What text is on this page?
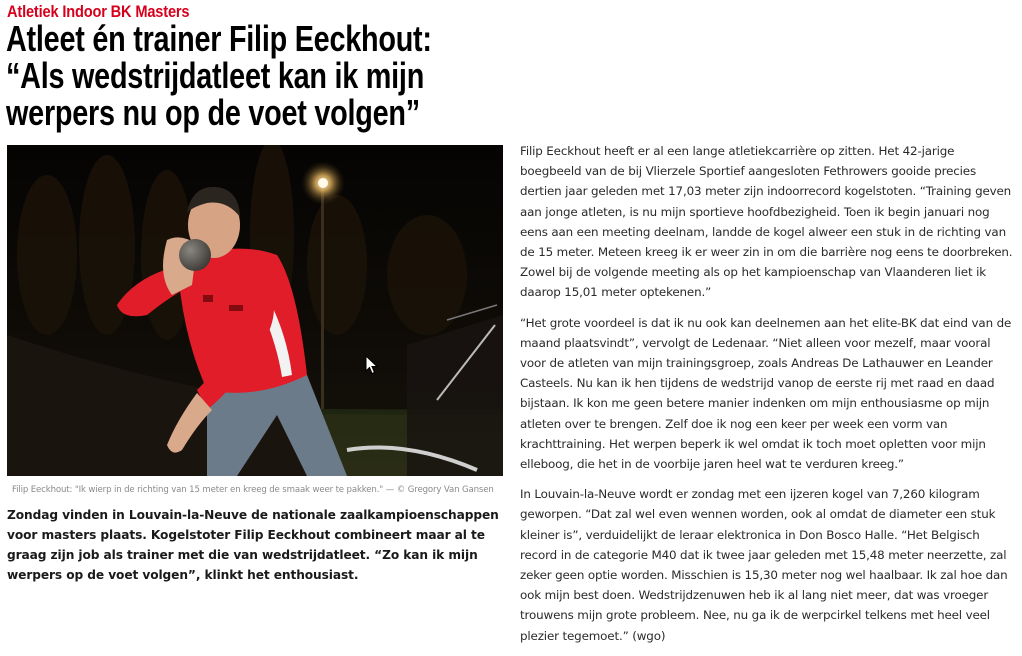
Atletiek Indoor BK Masters
Atleet én trainer Filip Eeckhout:
“Als wedstrijdatleet kan ik mijn
werpers nu op de voet volgen”
Filip Eeckhout: "Ik wierp in de richting van 15 meter en kreeg de smaak weer te pakken." — © Gregory Van Gansen

Zondag vinden in Louvain-la-Neuve de nationale zaalkampioenschappen voor masters plaats. Kogelstoter Filip Eeckhout combineert maar al te graag zijn job als trainer met die van wedstrijdatleet. “Zo kan ik mijn werpers op de voet volgen”, klinkt het enthousiast.

Filip Eeckhout heeft er al een lange atletiekcarrière op zitten. Het 42-jarige boegbeeld van de bij Vlierzele Sportief aangesloten Fethrowers gooide precies dertien jaar geleden met 17,03 meter zijn indoorrecord kogelstoten. “Training geven aan jonge atleten, is nu mijn sportieve hoofdbezigheid. Toen ik begin januari nog eens aan een meeting deelnam, landde de kogel alweer een stuk in de richting van de 15 meter. Meteen kreeg ik er weer zin in om die barrière nog eens te doorbreken. Zowel bij de volgende meeting als op het kampioenschap van Vlaanderen liet ik daarop 15,01 meter optekenen.”

“Het grote voordeel is dat ik nu ook kan deelnemen aan het elite-BK dat eind van de maand plaatsvindt”, vervolgt de Ledenaar. “Niet alleen voor mezelf, maar vooral voor de atleten van mijn trainingsgroep, zoals Andreas De Lathauwer en Leander Casteels. Nu kan ik hen tijdens de wedstrijd vanop de eerste rij met raad en daad bijstaan. Ik kon me geen betere manier indenken om mijn enthousiasme op mijn atleten over te brengen. Zelf doe ik nog een keer per week een vorm van krachttraining. Het werpen beperk ik wel omdat ik toch moet opletten voor mijn elleboog, die het in de voorbije jaren heel wat te verduren kreeg.”

In Louvain-la-Neuve wordt er zondag met een ijzeren kogel van 7,260 kilogram geworpen. “Dat zal wel even wennen worden, ook al omdat de diameter een stuk kleiner is”, verduidelijkt de leraar elektronica in Don Bosco Halle. “Het Belgisch record in de categorie M40 dat ik twee jaar geleden met 15,48 meter neerzette, zal zeker geen optie worden. Misschien is 15,30 meter nog wel haalbaar. Ik zal hoe dan ook mijn best doen. Wedstrijdzenuwen heb ik al lang niet meer, dat was vroeger trouwens mijn grote probleem. Nee, nu ga ik de werpcirkel telkens met heel veel plezier tegemoet.” (wgo)
